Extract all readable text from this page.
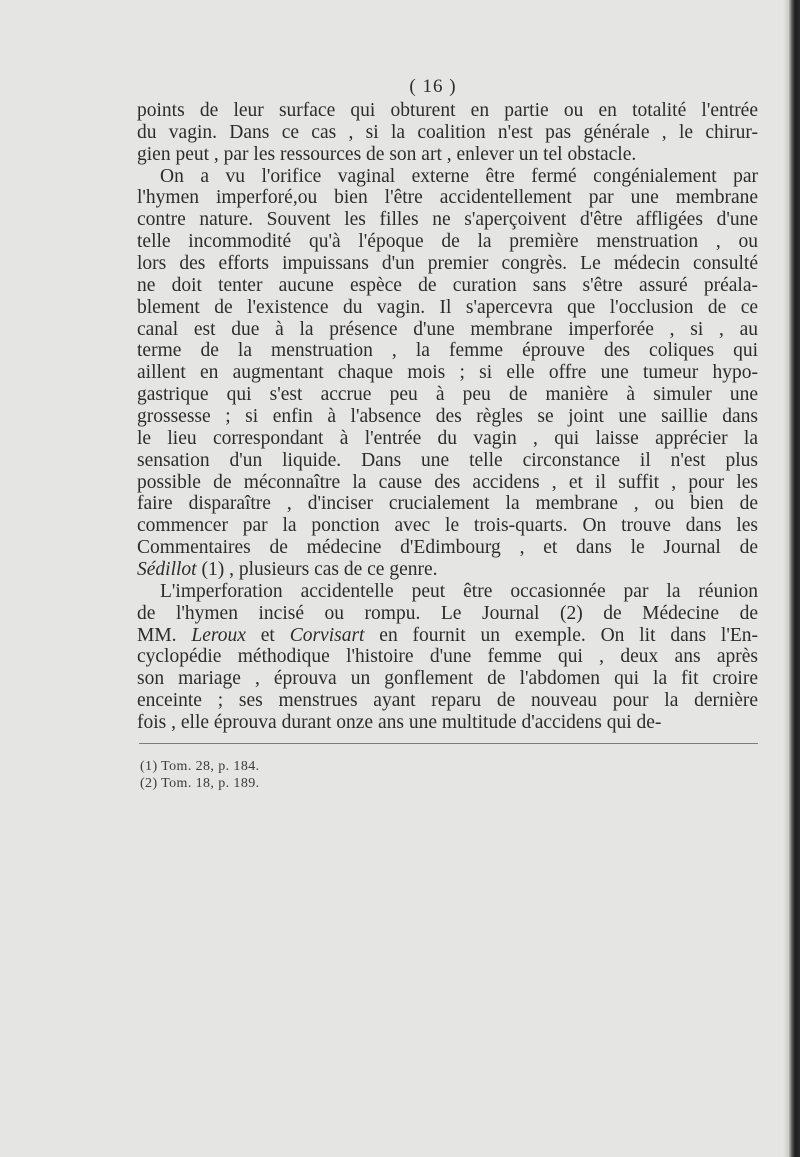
( 16 )
points de leur surface qui obturent en partie ou en totalité l'entrée
du vagin. Dans ce cas , si la coalition n'est pas générale , le chirur-
gien peut , par les ressources de son art , enlever un tel obstacle.
On a vu l'orifice vaginal externe être fermé congénialement par
l'hymen imperforé,ou bien l'être accidentellement par une membrane
contre nature. Souvent les filles ne s'aperçoivent d'être affligées d'une
telle incommodité qu'à l'époque de la première menstruation , ou
lors des efforts impuissans d'un premier congrès. Le médecin consulté
ne doit tenter aucune espèce de curation sans s'être assuré préala-
blement de l'existence du vagin. Il s'apercevra que l'occlusion de ce
canal est due à la présence d'une membrane imperforée , si , au
terme de la menstruation , la femme éprouve des coliques qui
aillent en augmentant chaque mois ; si elle offre une tumeur hypo-
gastrique qui s'est accrue peu à peu de manière à simuler une
grossesse ; si enfin à l'absence des règles se joint une saillie dans
le lieu correspondant à l'entrée du vagin , qui laisse apprécier la
sensation d'un liquide. Dans une telle circonstance il n'est plus
possible de méconnaître la cause des accidens , et il suffit , pour les
faire disparaître , d'inciser crucialement la membrane , ou bien de
commencer par la ponction avec le trois-quarts. On trouve dans les
Commentaires de médecine d'Edimbourg , et dans le Journal de
Sédillot (1) , plusieurs cas de ce genre.
L'imperforation accidentelle peut être occasionnée par la réunion
de l'hymen incisé ou rompu. Le Journal (2) de Médecine de
MM. Leroux et Corvisart en fournit un exemple. On lit dans l'En-
cyclopédie méthodique l'histoire d'une femme qui , deux ans après
son mariage , éprouva un gonflement de l'abdomen qui la fit croire
enceinte ; ses menstrues ayant reparu de nouveau pour la dernière
fois , elle éprouva durant onze ans une multitude d'accidens qui de-
(1) Tom. 28, p. 184.
(2) Tom. 18, p. 189.
